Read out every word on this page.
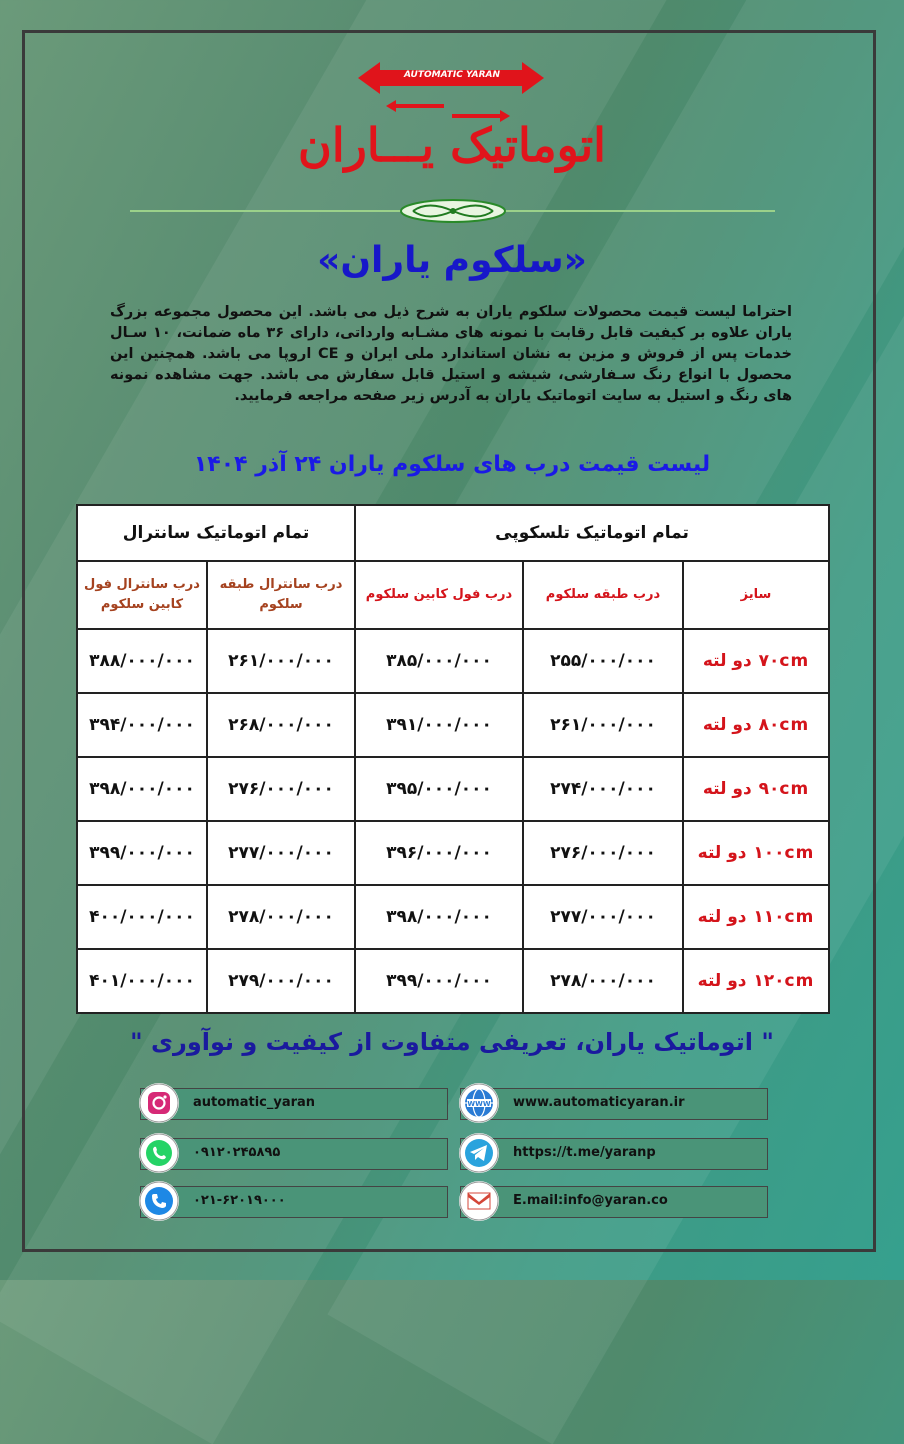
AUTOMATIC YARAN
اتوماتیک یـــاران
«سلکوم یاران»
احتراما لیست قیمت محصولات سلکوم یاران به شرح ذیل می باشد. این محصول مجموعه بزرگ یاران علاوه بر کیفیت قابل رقابت با نمونه های مشـابه وارداتی، دارای ۳۶ ماه ضمانت، ۱۰ سـال خدمات پس از فروش و مزین به نشان استاندارد ملی ایران و CE اروپا می باشد. همچنین این محصول با انواع رنگ سـفارشی، شیشه و استیل قابل سفارش می باشد. جهت مشاهده نمونه های رنگ و استیل به سایت اتوماتیک یاران به آدرس زیر صفحه مراجعه فرمایید.
لیست قیمت درب های سلکوم یاران ۲۴ آذر ۱۴۰۴
تمام اتوماتیک تلسکوپی			تمام اتوماتیک سانترال	
سایز	درب طبقه سلکوم	درب فول کابین سلکوم	درب سانترال طبقه سلکوم	درب سانترال فول کابین سلکوم
۷۰cm دو لته	۲۵۵/۰۰۰/۰۰۰	۳۸۵/۰۰۰/۰۰۰	۲۶۱/۰۰۰/۰۰۰	۳۸۸/۰۰۰/۰۰۰
۸۰cm دو لته	۲۶۱/۰۰۰/۰۰۰	۳۹۱/۰۰۰/۰۰۰	۲۶۸/۰۰۰/۰۰۰	۳۹۴/۰۰۰/۰۰۰
۹۰cm دو لته	۲۷۴/۰۰۰/۰۰۰	۳۹۵/۰۰۰/۰۰۰	۲۷۶/۰۰۰/۰۰۰	۳۹۸/۰۰۰/۰۰۰
۱۰۰cm دو لته	۲۷۶/۰۰۰/۰۰۰	۳۹۶/۰۰۰/۰۰۰	۲۷۷/۰۰۰/۰۰۰	۳۹۹/۰۰۰/۰۰۰
۱۱۰cm دو لته	۲۷۷/۰۰۰/۰۰۰	۳۹۸/۰۰۰/۰۰۰	۲۷۸/۰۰۰/۰۰۰	۴۰۰/۰۰۰/۰۰۰
۱۲۰cm دو لته	۲۷۸/۰۰۰/۰۰۰	۳۹۹/۰۰۰/۰۰۰	۲۷۹/۰۰۰/۰۰۰	۴۰۱/۰۰۰/۰۰۰
" اتوماتیک یاران، تعریفی متفاوت از کیفیت و نوآوری "
automatic_yaran
۰۹۱۲۰۲۴۵۸۹۵
۰۲۱-۶۲۰۱۹۰۰۰
WWW www.automaticyaran.ir
https://t.me/yaranp
E.mail:info@yaran.co
